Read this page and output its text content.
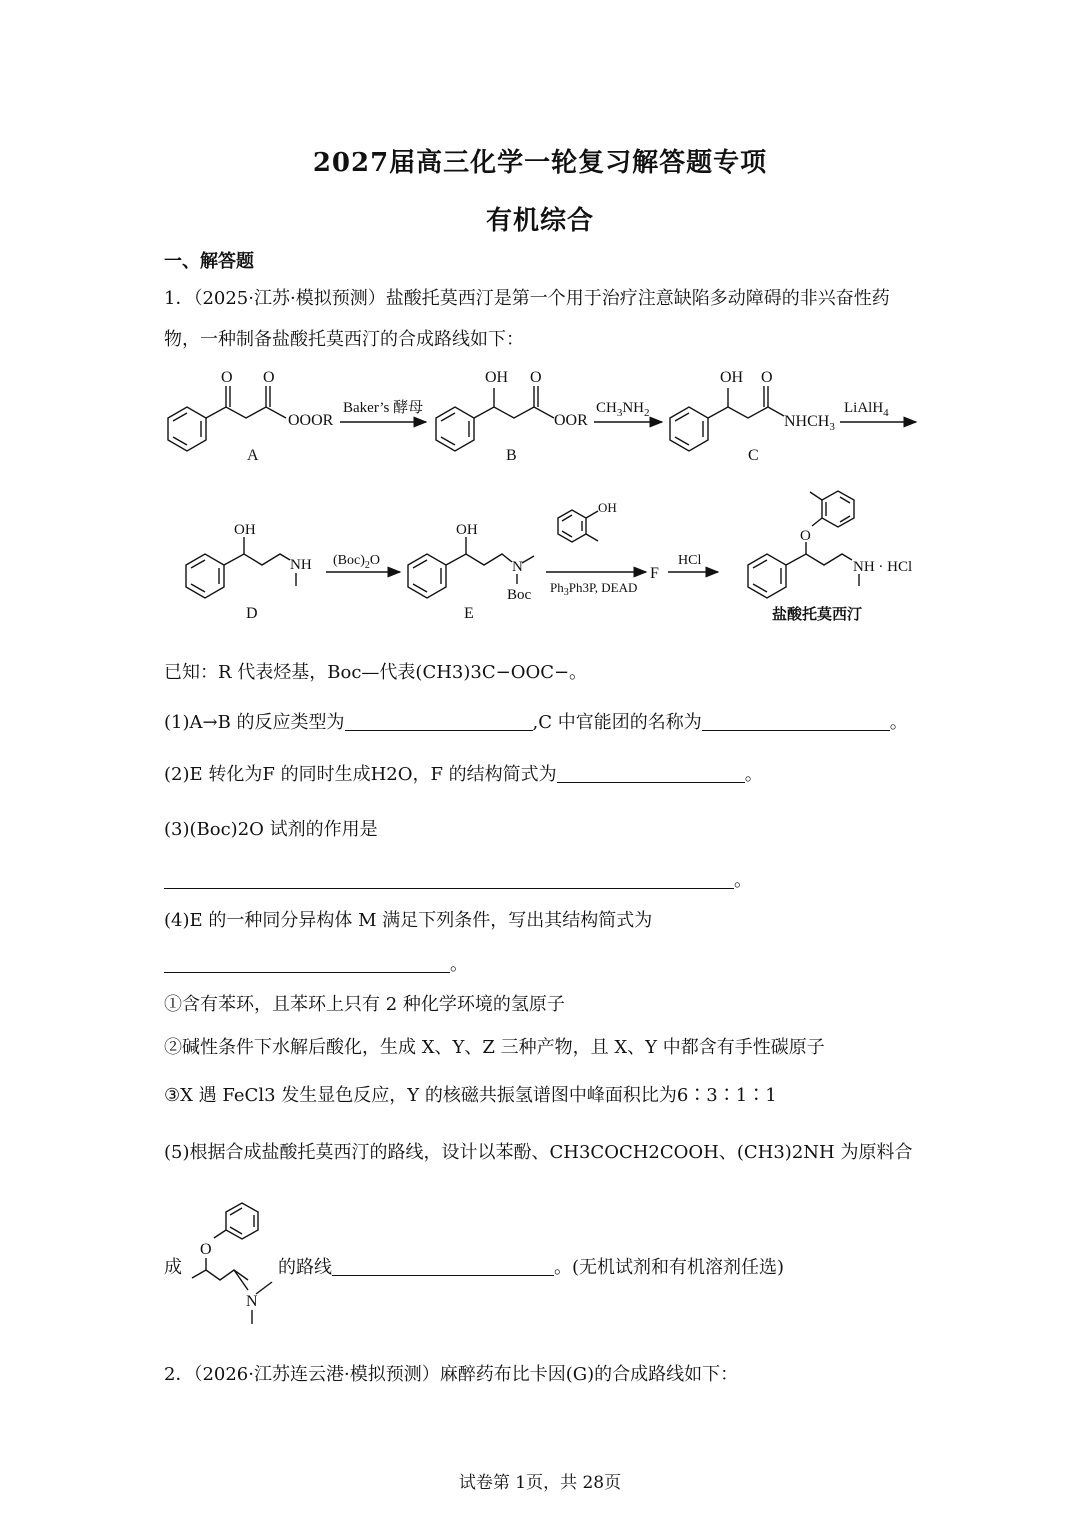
2027届高三化学一轮复习解答题专项
有机综合
一、解答题
1．（2025·江苏·模拟预测）盐酸托莫西汀是第一个用于治疗注意缺陷多动障碍的非兴奋性药
物，一种制备盐酸托莫西汀的合成路线如下：
O O
OOOR
A
Baker’s 酵母
OH O
OOR
B
$CH_3NH_2$
OH O
$NHCH_3$
C
LiAlH$_4$
OH
NH
D
$(Boc)_2O$
OH
N
Boc
E
OH
$Ph_3Ph3P$, DEAD
F
HCl
O
NH · HCl
盐酸托莫西汀
已知：R 代表烃基，Boc—代表(CH3)3C−OOC−。
(1)A→B 的反应类型为	,C 中官能团的名称为	。
(2)E 转化为F 的同时生成H2O，F 的结构简式为	。
(3)(Boc)2O 试剂的作用是
。
(4)E 的一种同分异构体 M 满足下列条件，写出其结构简式为
。
①含有苯环，且苯环上只有 2 种化学环境的氢原子
②碱性条件下水解后酸化，生成 X、Y、Z 三种产物，且 X、Y 中都含有手性碳原子
③X 遇 FeCl3 发生显色反应，Y 的核磁共振氢谱图中峰面积比为6∶3∶1∶1
(5)根据合成盐酸托莫西汀的路线，设计以苯酚、CH3COCH2COOH、(CH3)2NH 为原料合
成
O
N
的路线	。(无机试剂和有机溶剂任选)
2．（2026·江苏连云港·模拟预测）麻醉药布比卡因(G)的合成路线如下：
试卷第 1页，共 28页
